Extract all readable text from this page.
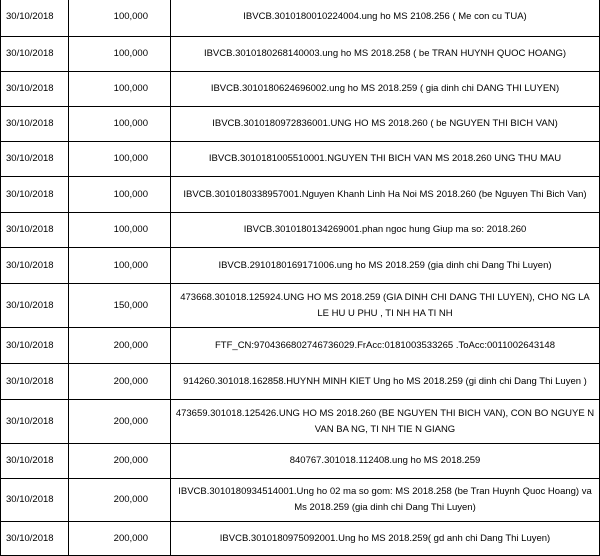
30/10/2018	100,000	IBVCB.3010180010224004.ung ho MS 2108.256 ( Me con cu TUA)
30/10/2018	100,000	IBVCB.3010180268140003.ung ho MS 2018.258 ( be TRAN HUYNH QUOC HOANG)
30/10/2018	100,000	IBVCB.3010180624696002.ung ho MS 2018.259 ( gia dinh chi DANG THI LUYEN)
30/10/2018	100,000	IBVCB.3010180972836001.UNG HO MS 2018.260 ( be NGUYEN THI BICH VAN)
30/10/2018	100,000	IBVCB.3010181005510001.NGUYEN THI BICH VAN MS 2018.260 UNG THU MAU
30/10/2018	100,000	IBVCB.3010180338957001.Nguyen Khanh Linh Ha Noi MS 2018.260 (be Nguyen Thi Bich Van)
30/10/2018	100,000	IBVCB.3010180134269001.phan ngoc hung Giup ma so: 2018.260
30/10/2018	100,000	IBVCB.2910180169171006.ung ho MS 2018.259 (gia dinh chi Dang Thi Luyen)
30/10/2018	150,000	473668.301018.125924.UNG HO MS 2018.259 (GIA DINH CHI DANG THI LUYEN), CHO NG LA LE HU U PHU , TI NH HA TI NH
30/10/2018	200,000	FTF_CN:9704366802746736029.FrAcc:0181003533265 .ToAcc:0011002643148
30/10/2018	200,000	914260.301018.162858.HUYNH MINH KIET Ung ho MS 2018.259 (gi dinh chi Dang Thi Luyen )
30/10/2018	200,000	473659.301018.125426.UNG HO MS 2018.260 (BE NGUYEN THI BICH VAN), CON BO NGUYE N VAN BA NG, TI NH TIE N GIANG
30/10/2018	200,000	840767.301018.112408.ung ho MS 2018.259
30/10/2018	200,000	IBVCB.3010180934514001.Ung ho 02 ma so gom: MS 2018.258 (be Tran Huynh Quoc Hoang) va Ms 2018.259 (gia dinh chi Dang Thi Luyen)
30/10/2018	200,000	IBVCB.3010180975092001.Ung ho MS 2018.259( gd anh chi Dang Thi Luyen)
